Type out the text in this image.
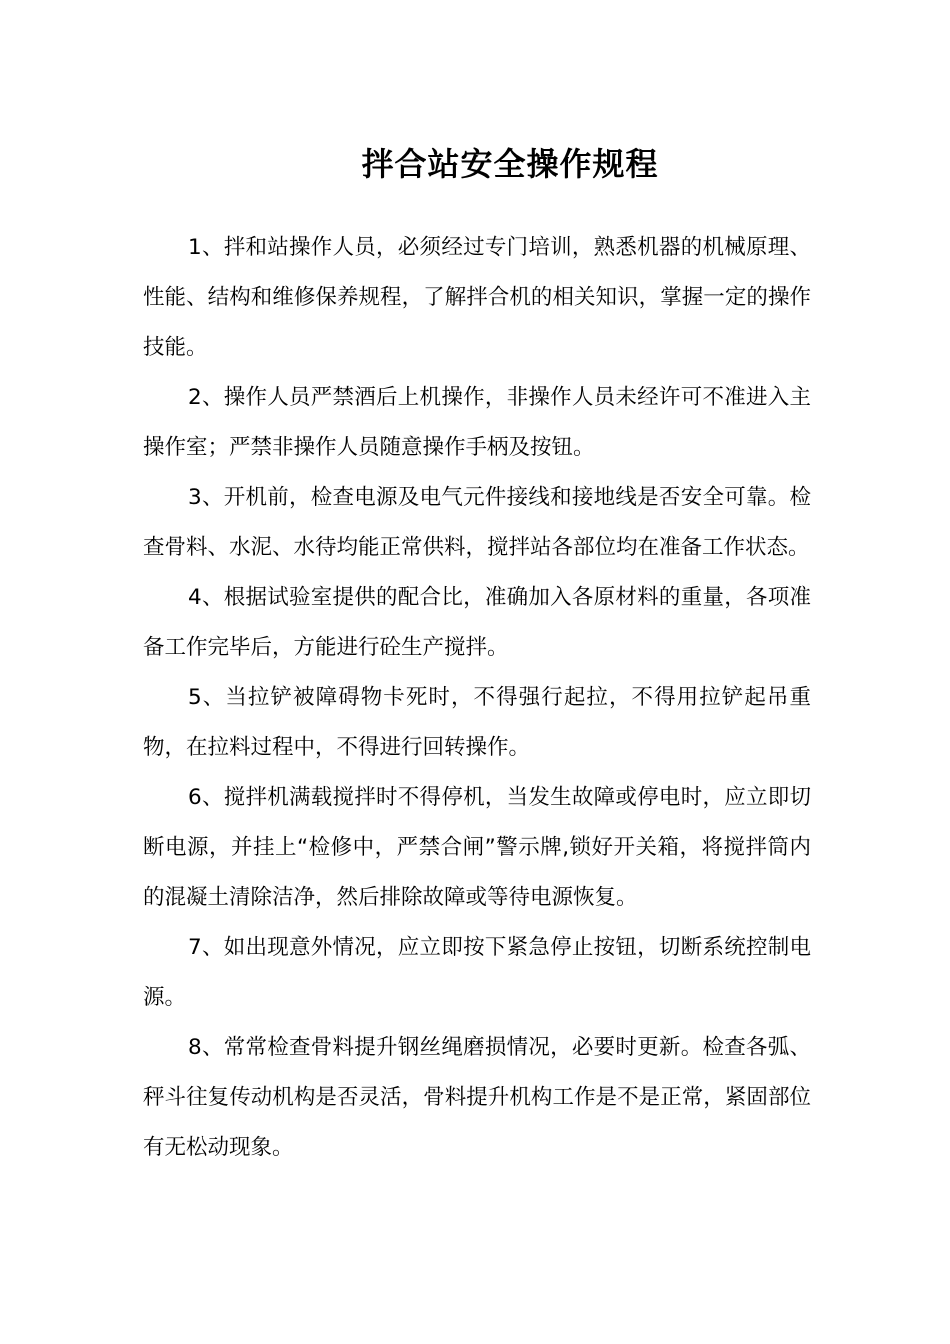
拌合站安全操作规程

1、拌和站操作人员，必须经过专门培训，熟悉机器的机械原理、性能、结构和维修保养规程，了解拌合机的相关知识，掌握一定的操作技能。

2、操作人员严禁酒后上机操作，非操作人员未经许可不准进入主操作室；严禁非操作人员随意操作手柄及按钮。

3、开机前，检查电源及电气元件接线和接地线是否安全可靠。检查骨料、水泥、水待均能正常供料，搅拌站各部位均在准备工作状态。

4、根据试验室提供的配合比，准确加入各原材料的重量，各项准备工作完毕后，方能进行砼生产搅拌。

5、当拉铲被障碍物卡死时，不得强行起拉，不得用拉铲起吊重物，在拉料过程中，不得进行回转操作。

6、搅拌机满载搅拌时不得停机，当发生故障或停电时，应立即切断电源，并挂上“检修中，严禁合闸”警示牌,锁好开关箱，将搅拌筒内的混凝土清除洁净，然后排除故障或等待电源恢复。

7、如出现意外情况，应立即按下紧急停止按钮，切断系统控制电源。

8、常常检查骨料提升钢丝绳磨损情况，必要时更新。检查各弧、秤斗往复传动机构是否灵活，骨料提升机构工作是不是正常，紧固部位有无松动现象。
